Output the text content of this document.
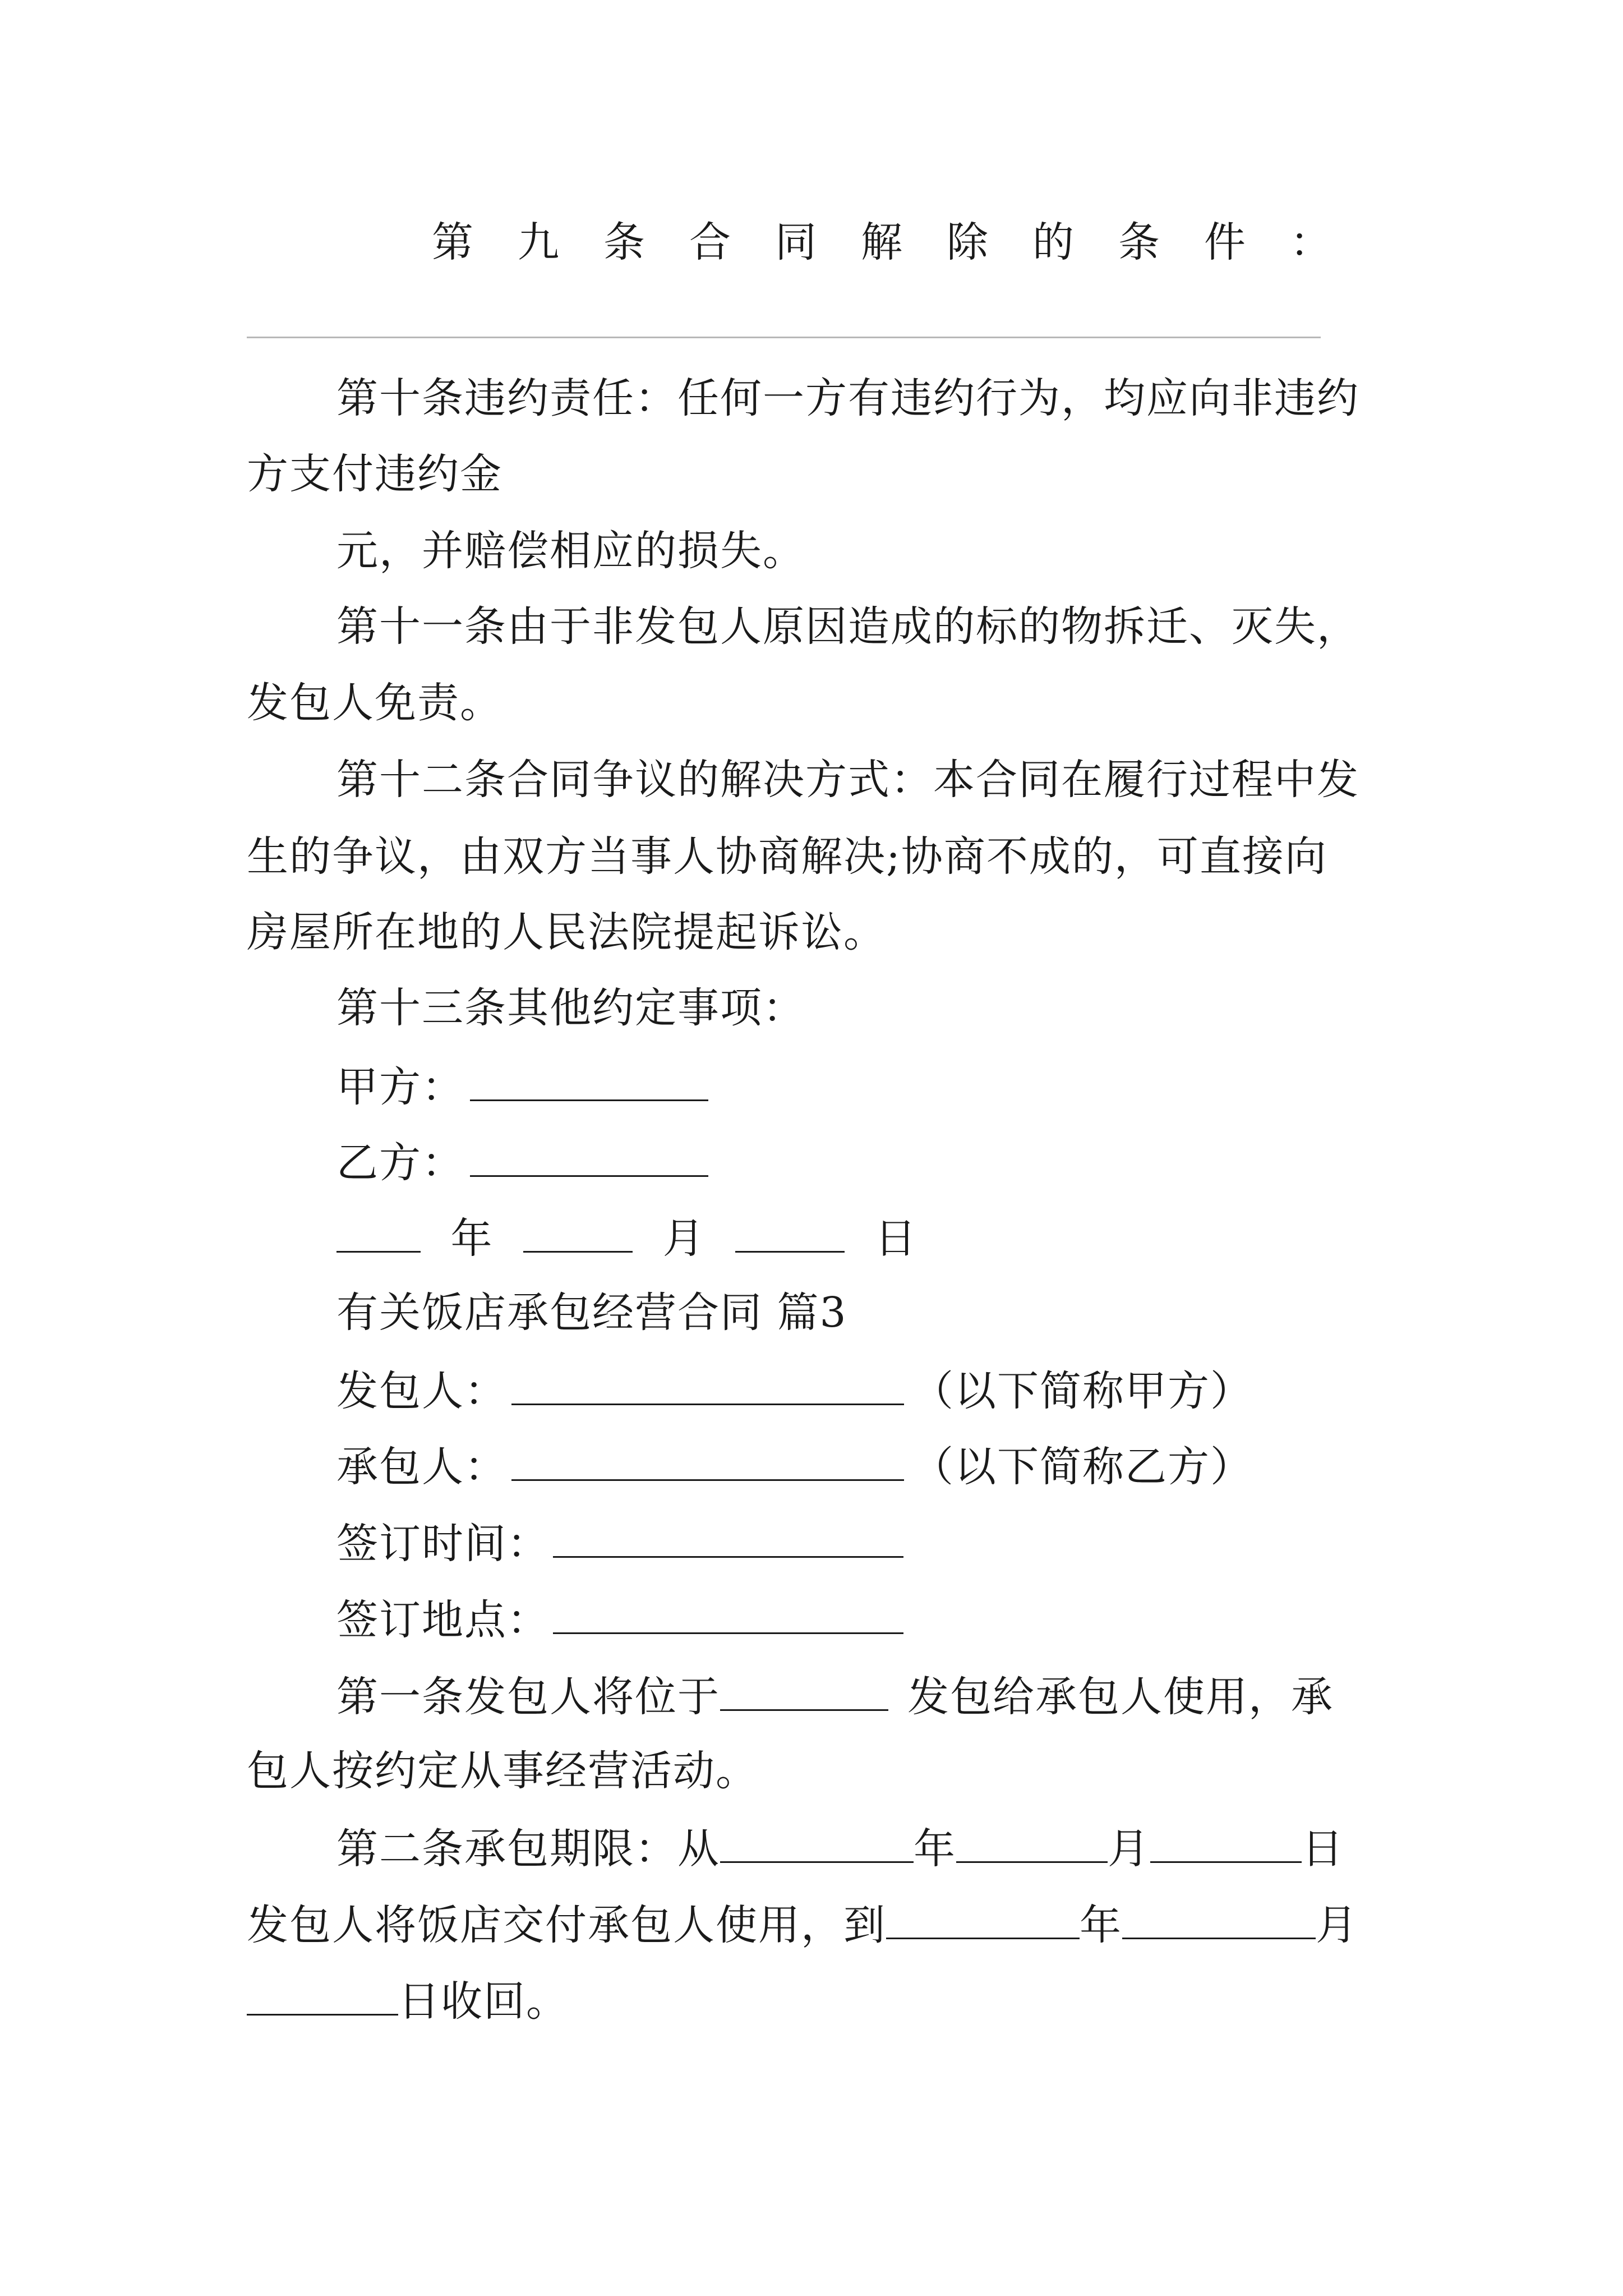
第 九 条 合 同 解 除 的 条 件 ：
第十条违约责任：任何一方有违约行为，均应向非违约
方支付违约金
元，并赔偿相应的损失。
第十一条由于非发包人原因造成的标的物拆迁、灭失，
发包人免责。
第十二条合同争议的解决方式：本合同在履行过程中发
生的争议，由双方当事人协商解决;协商不成的，可直接向
房屋所在地的人民法院提起诉讼。
第十三条其他约定事项：
甲方：
乙方：
年	月	日
有关饭店承包经营合同 篇3
发包人：	（以下简称甲方）
承包人：	（以下简称乙方）
签订时间：
签订地点：
第一条发包人将位于	发包给承包人使用，承
包人按约定从事经营活动。
第二条承包期限：从	年	月	日
发包人将饭店交付承包人使用，到	年	月
日收回。
